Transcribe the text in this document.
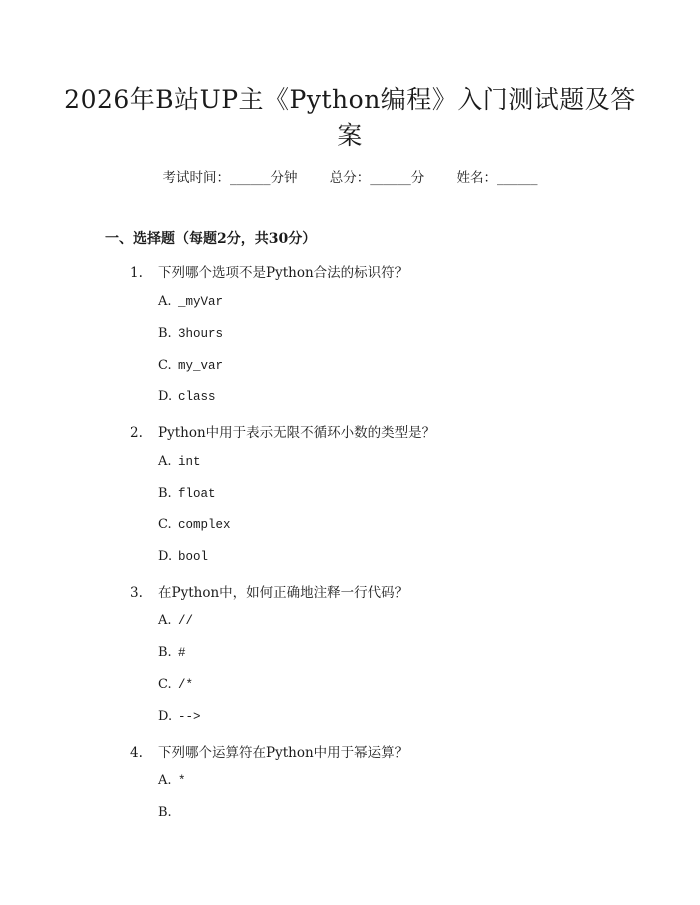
2026年B站UP主《Python编程》入门测试题及答案
考试时间：______分钟 总分：______分 姓名：______
一、选择题（每题2分，共30分）
1. 下列哪个选项不是Python合法的标识符？
A. _myVar
B. 3hours
C. my_var
D. class
2. Python中用于表示无限不循环小数的类型是？
A. int
B. float
C. complex
D. bool
3. 在Python中，如何正确地注释一行代码？
A. //
B. #
C. /*
D. -->
4. 下列哪个运算符在Python中用于幂运算？
A. *
B.
